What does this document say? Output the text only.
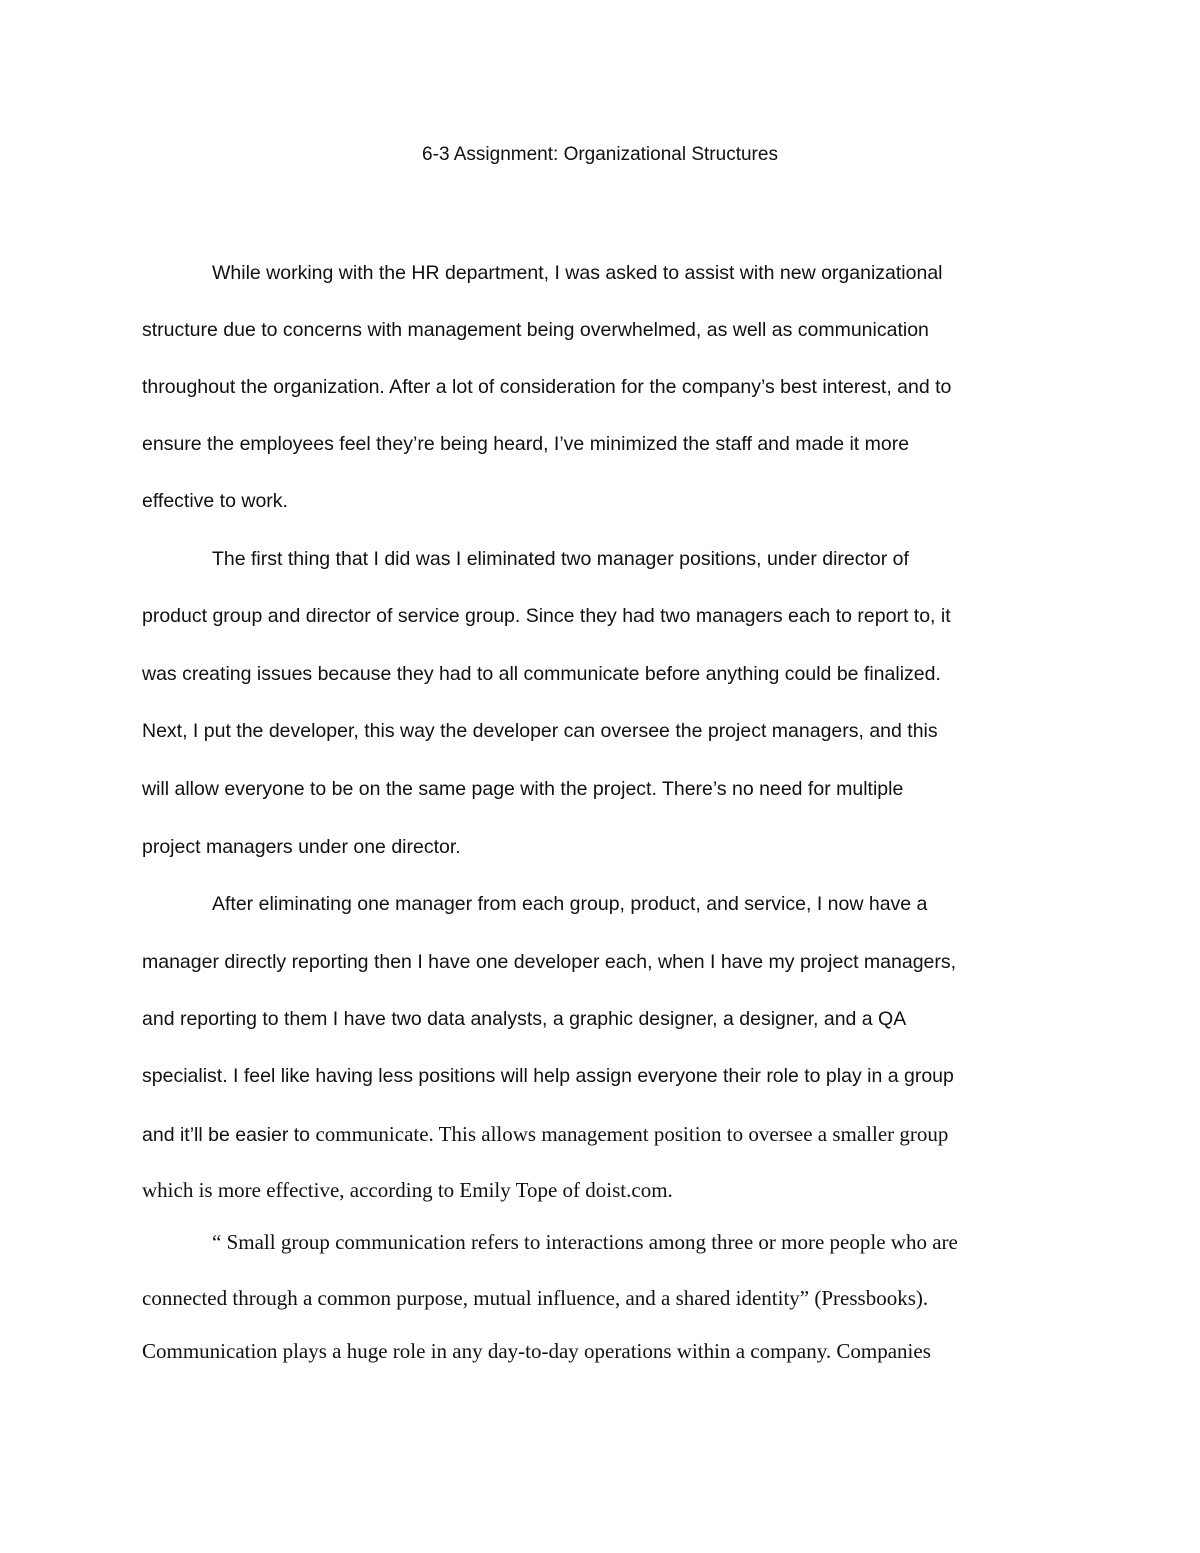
6-3 Assignment: Organizational Structures
While working with the HR department, I was asked to assist with new organizational
structure due to concerns with management being overwhelmed, as well as communication
throughout the organization. After a lot of consideration for the company’s best interest, and to
ensure the employees feel they’re being heard, I’ve minimized the staff and made it more
effective to work.
The first thing that I did was I eliminated two manager positions, under director of
product group and director of service group. Since they had two managers each to report to, it
was creating issues because they had to all communicate before anything could be finalized.
Next, I put the developer, this way the developer can oversee the project managers, and this
will allow everyone to be on the same page with the project. There’s no need for multiple
project managers under one director.
After eliminating one manager from each group, product, and service, I now have a
manager directly reporting then I have one developer each, when I have my project managers,
and reporting to them I have two data analysts, a graphic designer, a designer, and a QA
specialist. I feel like having less positions will help assign everyone their role to play in a group
and it’ll be easier to communicate. This allows management position to oversee a smaller group
which is more effective, according to Emily Tope of doist.com.
“ Small group communication refers to interactions among three or more people who are
connected through a common purpose, mutual influence, and a shared identity” (Pressbooks).
Communication plays a huge role in any day-to-day operations within a company. Companies
